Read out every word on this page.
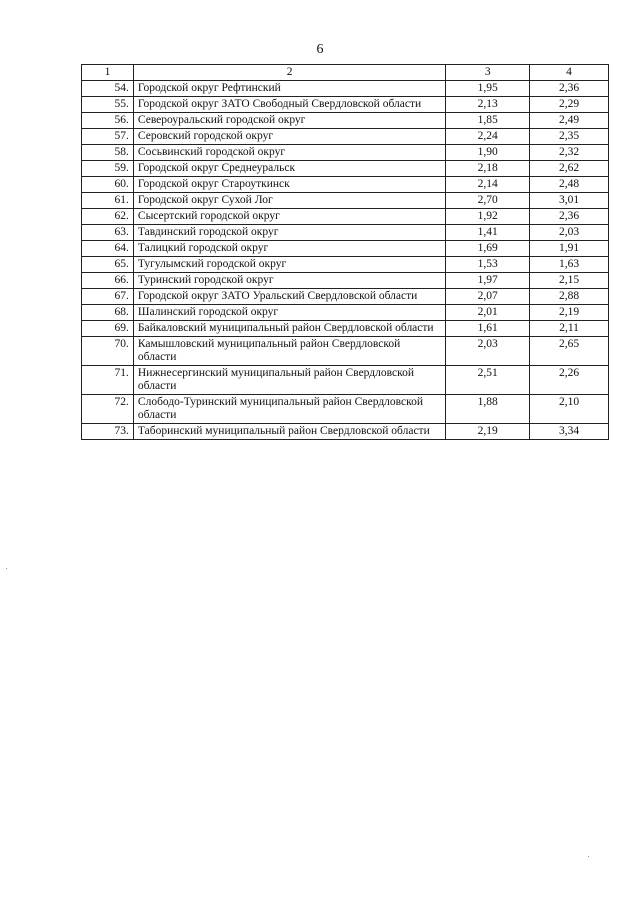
6
1	2	3	4
54.	Городской округ Рефтинский	1,95	2,36
55.	Городской округ ЗАТО Свободный Свердловской области	2,13	2,29
56.	Североуральский городской округ	1,85	2,49
57.	Серовский городской округ	2,24	2,35
58.	Сосьвинский городской округ	1,90	2,32
59.	Городской округ Среднеуральск	2,18	2,62
60.	Городской округ Староуткинск	2,14	2,48
61.	Городской округ Сухой Лог	2,70	3,01
62.	Сысертский городской округ	1,92	2,36
63.	Тавдинский городской округ	1,41	2,03
64.	Талицкий городской округ	1,69	1,91
65.	Тугулымский городской округ	1,53	1,63
66.	Туринский городской округ	1,97	2,15
67.	Городской округ ЗАТО Уральский Свердловской области	2,07	2,88
68.	Шалинский городской округ	2,01	2,19
69.	Байкаловский муниципальный район Свердловской области	1,61	2,11
70.	Камышловский муниципальный район Свердловской области	2,03	2,65
71.	Нижнесергинский муниципальный район Свердловской области	2,51	2,26
72.	Слободо-Туринский муниципальный район Свердловской области	1,88	2,10
73.	Таборинский муниципальный район Свердловской области	2,19	3,34
